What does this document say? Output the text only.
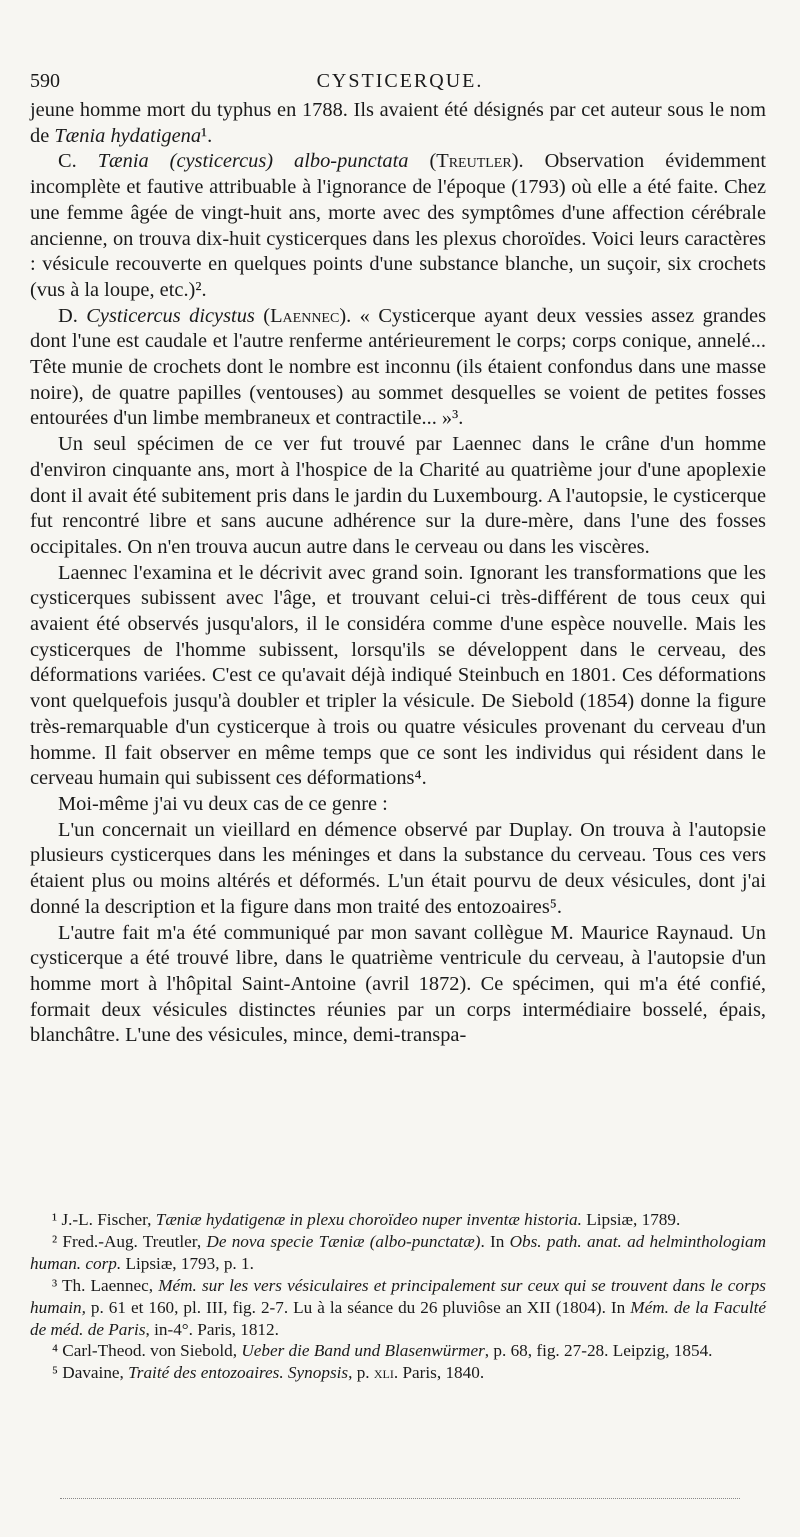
590	CYSTICERQUE.

jeune homme mort du typhus en 1788. Ils avaient été désignés par cet auteur sous le nom de Tænia hydatigena¹.

C. Tænia (cysticercus) albo-punctata (Treutler). Observation évidemment incomplète et fautive attribuable à l'ignorance de l'époque (1793) où elle a été faite. Chez une femme âgée de vingt-huit ans, morte avec des symptômes d'une affection cérébrale ancienne, on trouva dix-huit cysticerques dans les plexus choroïdes. Voici leurs caractères : vésicule recouverte en quelques points d'une substance blanche, un suçoir, six crochets (vus à la loupe, etc.)².

D. Cysticercus dicystus (Laennec). « Cysticerque ayant deux vessies assez grandes dont l'une est caudale et l'autre renferme antérieurement le corps; corps conique, annelé... Tête munie de crochets dont le nombre est inconnu (ils étaient confondus dans une masse noire), de quatre papilles (ventouses) au sommet desquelles se voient de petites fosses entourées d'un limbe membraneux et contractile... »³.

Un seul spécimen de ce ver fut trouvé par Laennec dans le crâne d'un homme d'environ cinquante ans, mort à l'hospice de la Charité au quatrième jour d'une apoplexie dont il avait été subitement pris dans le jardin du Luxembourg. A l'autopsie, le cysticerque fut rencontré libre et sans aucune adhérence sur la dure-mère, dans l'une des fosses occipitales. On n'en trouva aucun autre dans le cerveau ou dans les viscères.

Laennec l'examina et le décrivit avec grand soin. Ignorant les transformations que les cysticerques subissent avec l'âge, et trouvant celui-ci très-différent de tous ceux qui avaient été observés jusqu'alors, il le considéra comme d'une espèce nouvelle. Mais les cysticerques de l'homme subissent, lorsqu'ils se développent dans le cerveau, des déformations variées. C'est ce qu'avait déjà indiqué Steinbuch en 1801. Ces déformations vont quelquefois jusqu'à doubler et tripler la vésicule. De Siebold (1854) donne la figure très-remarquable d'un cysticerque à trois ou quatre vésicules provenant du cerveau d'un homme. Il fait observer en même temps que ce sont les individus qui résident dans le cerveau humain qui subissent ces déformations⁴.

Moi-même j'ai vu deux cas de ce genre :

L'un concernait un vieillard en démence observé par Duplay. On trouva à l'autopsie plusieurs cysticerques dans les méninges et dans la substance du cerveau. Tous ces vers étaient plus ou moins altérés et déformés. L'un était pourvu de deux vésicules, dont j'ai donné la description et la figure dans mon traité des entozoaires⁵.

L'autre fait m'a été communiqué par mon savant collègue M. Maurice Raynaud. Un cysticerque a été trouvé libre, dans le quatrième ventricule du cerveau, à l'autopsie d'un homme mort à l'hôpital Saint-Antoine (avril 1872). Ce spécimen, qui m'a été confié, formait deux vésicules distinctes réunies par un corps intermédiaire bosselé, épais, blanchâtre. L'une des vésicules, mince, demi-transpa-

¹ J.-L. Fischer, Tæniæ hydatigenæ in plexu choroïdeo nuper inventæ historia. Lipsiæ, 1789.

² Fred.-Aug. Treutler, De nova specie Tæniæ (albo-punctatæ). In Obs. path. anat. ad helminthologiam human. corp. Lipsiæ, 1793, p. 1.

³ Th. Laennec, Mém. sur les vers vésiculaires et principalement sur ceux qui se trouvent dans le corps humain, p. 61 et 160, pl. III, fig. 2-7. Lu à la séance du 26 pluviôse an XII (1804). In Mém. de la Faculté de méd. de Paris, in-4°. Paris, 1812.

⁴ Carl-Theod. von Siebold, Ueber die Band und Blasenwürmer, p. 68, fig. 27-28. Leipzig, 1854.

⁵ Davaine, Traité des entozoaires. Synopsis, p. xli. Paris, 1840.
